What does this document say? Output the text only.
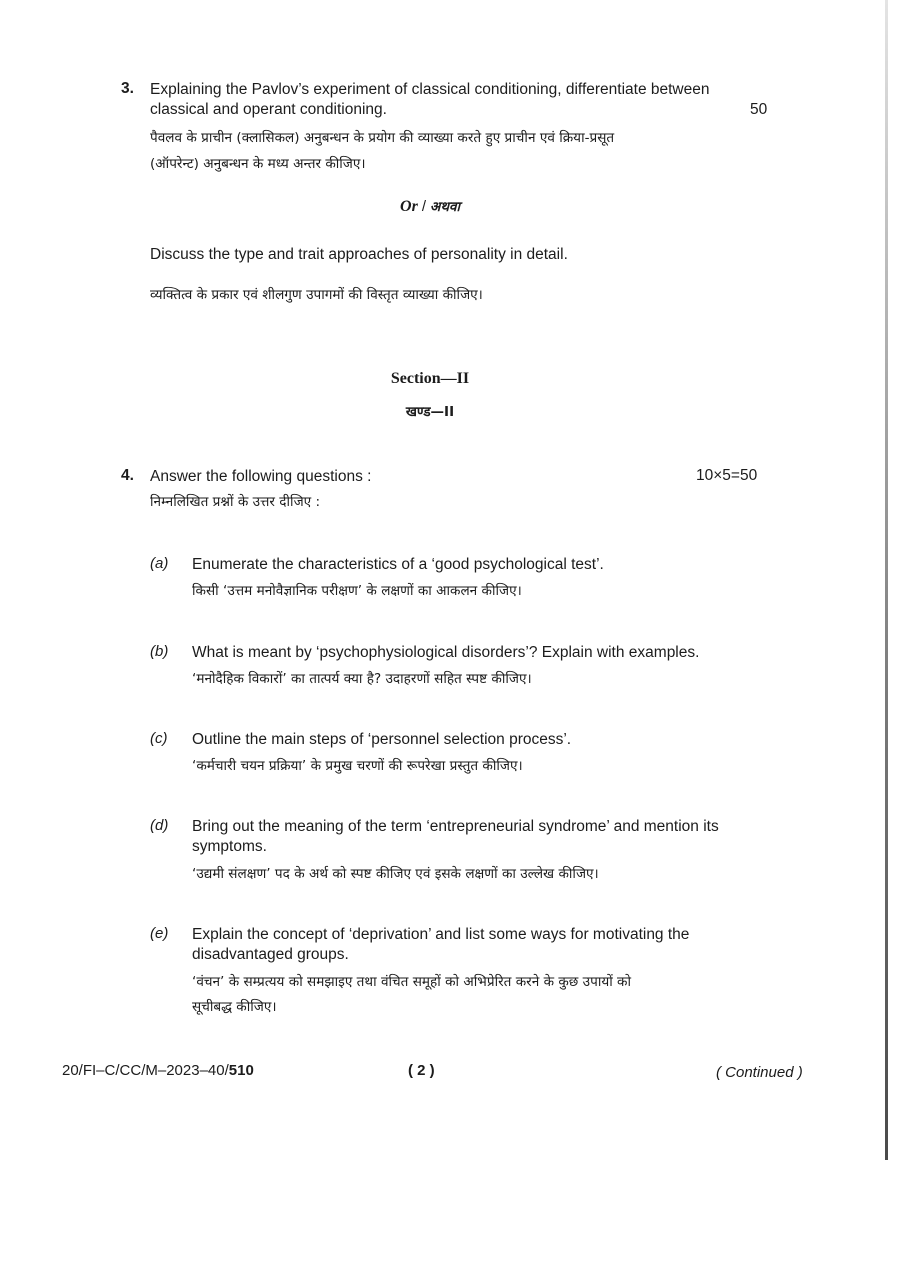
3. Explaining the Pavlov’s experiment of classical conditioning, differentiate between
classical and operant conditioning.	50
पैवलव के प्राचीन (क्लासिकल) अनुबन्धन के प्रयोग की व्याख्या करते हुए प्राचीन एवं क्रिया-प्रसूत
(ऑपरेन्ट) अनुबन्धन के मध्य अन्तर कीजिए।
Or / अथवा
Discuss the type and trait approaches of personality in detail.
व्यक्तित्व के प्रकार एवं शीलगुण उपागमों की विस्तृत व्याख्या कीजिए।
Section—II
खण्ड—II
4. Answer the following questions :	10×5=50
निम्नलिखित प्रश्नों के उत्तर दीजिए :
(a) Enumerate the characteristics of a ‘good psychological test’.
किसी ‘उत्तम मनोवैज्ञानिक परीक्षण’ के लक्षणों का आकलन कीजिए।
(b) What is meant by ‘psychophysiological disorders’? Explain with examples.
‘मनोदैहिक विकारों’ का तात्पर्य क्या है? उदाहरणों सहित स्पष्ट कीजिए।
(c) Outline the main steps of ‘personnel selection process’.
‘कर्मचारी चयन प्रक्रिया’ के प्रमुख चरणों की रूपरेखा प्रस्तुत कीजिए।
(d) Bring out the meaning of the term ‘entrepreneurial syndrome’ and mention its
symptoms.
‘उद्यमी संलक्षण’ पद के अर्थ को स्पष्ट कीजिए एवं इसके लक्षणों का उल्लेख कीजिए।
(e) Explain the concept of ‘deprivation’ and list some ways for motivating the
disadvantaged groups.
‘वंचन’ के सम्प्रत्यय को समझाइए तथा वंचित समूहों को अभिप्रेरित करने के कुछ उपायों को
सूचीबद्ध कीजिए।
20/FI–C/CC/M–2023–40/510	( 2 )	( Continued )
